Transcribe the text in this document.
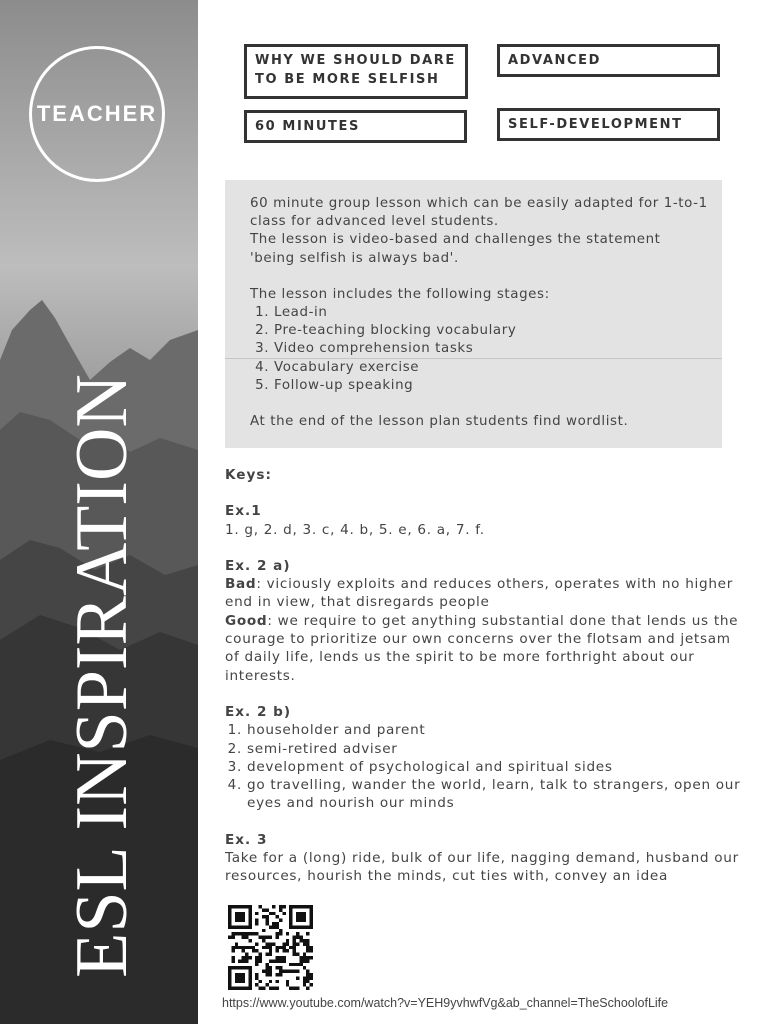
TEACHER
ESL INSPIRATION
WHY WE SHOULD DARE TO BE MORE SELFISH
ADVANCED
60 MINUTES	SELF-DEVELOPMENT

60 minute group lesson which can be easily adapted for 1-to-1 class for advanced level students.

The lesson is video-based and challenges the statement 'being selfish is always bad'.

The lesson includes the following stages:

1. Lead-in
2. Pre-teaching blocking vocabulary
3. Video comprehension tasks
4. Vocabulary exercise
5. Follow-up speaking

At the end of the lesson plan students find wordlist.

Keys:

Ex.1

1. g, 2. d, 3. c, 4. b, 5. e, 6. a, 7. f.

Ex. 2 a)

Bad: viciously exploits and reduces others, operates with no higher end in view, that disregards people

Good: we require to get anything substantial done that lends us the courage to prioritize our own concerns over the flotsam and jetsam of daily life, lends us the spirit to be more forthright about our interests.

Ex. 2 b)

1. householder and parent
2. semi-retired adviser
3. development of psychological and spiritual sides
4. go travelling, wander the world, learn, talk to strangers, open our eyes and nourish our minds

Ex. 3

Take for a (long) ride, bulk of our life, nagging demand, husband our resources, hourish the minds, cut ties with, convey an idea

https://www.youtube.com/watch?v=YEH9yvhwfVg&ab_channel=TheSchoolofLife
